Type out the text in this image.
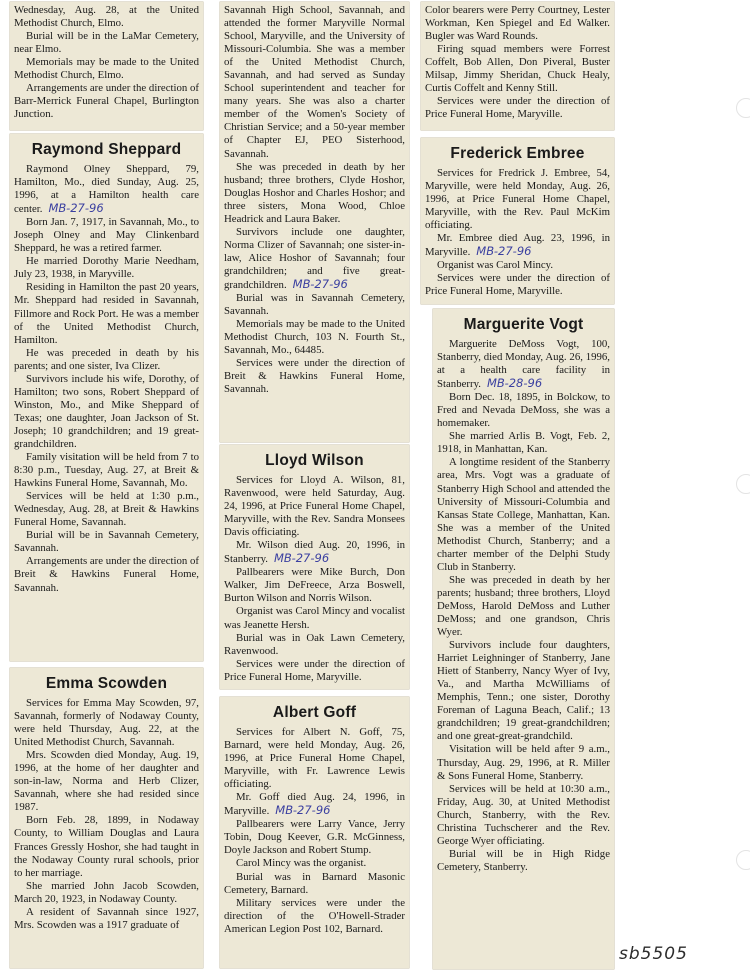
Wednesday, Aug. 28, at the United Methodist Church, Elmo.

Burial will be in the LaMar Cemetery, near Elmo.

Memorials may be made to the United Methodist Church, Elmo.

Arrangements are under the direction of Barr-Merrick Funeral Chapel, Burlington Junction.

Raymond Sheppard

Raymond Olney Sheppard, 79, Hamilton, Mo., died Sunday, Aug. 25, 1996, at a Hamilton health care center. MB-27-96

Born Jan. 7, 1917, in Savannah, Mo., to Joseph Olney and May Clinkenbard Sheppard, he was a retired farmer.

He married Dorothy Marie Needham, July 23, 1938, in Maryville.

Residing in Hamilton the past 20 years, Mr. Sheppard had resided in Savannah, Fillmore and Rock Port. He was a member of the United Methodist Church, Hamilton.

He was preceded in death by his parents; and one sister, Iva Clizer.

Survivors include his wife, Dorothy, of Hamilton; two sons, Robert Sheppard of Winston, Mo., and Mike Sheppard of Texas; one daughter, Joan Jackson of St. Joseph; 10 grandchildren; and 19 great-grandchildren.

Family visitation will be held from 7 to 8:30 p.m., Tuesday, Aug. 27, at Breit & Hawkins Funeral Home, Savannah, Mo.

Services will be held at 1:30 p.m., Wednesday, Aug. 28, at Breit & Hawkins Funeral Home, Savannah.

Burial will be in Savannah Cemetery, Savannah.

Arrangements are under the direction of Breit & Hawkins Funeral Home, Savannah.

Emma Scowden

Services for Emma May Scowden, 97, Savannah, formerly of Nodaway County, were held Thursday, Aug. 22, at the United Methodist Church, Savannah.

Mrs. Scowden died Monday, Aug. 19, 1996, at the home of her daughter and son-in-law, Norma and Herb Clizer, Savannah, where she had resided since 1987.

Born Feb. 28, 1899, in Nodaway County, to William Douglas and Laura Frances Gressly Hoshor, she had taught in the Nodaway County rural schools, prior to her marriage.

She married John Jacob Scowden, March 20, 1923, in Nodaway County.

A resident of Savannah since 1927, Mrs. Scowden was a 1917 graduate of

Savannah High School, Savannah, and attended the former Maryville Normal School, Maryville, and the University of Missouri-Columbia. She was a member of the United Methodist Church, Savannah, and had served as Sunday School superintendent and teacher for many years. She was also a charter member of the Women's Society of Christian Service; and a 50-year member of Chapter EJ, PEO Sisterhood, Savannah.

She was preceded in death by her husband; three brothers, Clyde Hoshor, Douglas Hoshor and Charles Hoshor; and three sisters, Mona Wood, Chloe Headrick and Laura Baker.

Survivors include one daughter, Norma Clizer of Savannah; one sister-in-law, Alice Hoshor of Savannah; four grandchildren; and five great-grandchildren. MB-27-96

Burial was in Savannah Cemetery, Savannah.

Memorials may be made to the United Methodist Church, 103 N. Fourth St., Savannah, Mo., 64485.

Services were under the direction of Breit & Hawkins Funeral Home, Savannah.

Lloyd Wilson

Services for Lloyd A. Wilson, 81, Ravenwood, were held Saturday, Aug. 24, 1996, at Price Funeral Home Chapel, Maryville, with the Rev. Sandra Monsees Davis officiating.

Mr. Wilson died Aug. 20, 1996, in Stanberry. MB-27-96

Pallbearers were Mike Burch, Don Walker, Jim DeFreece, Arza Boswell, Burton Wilson and Norris Wilson.

Organist was Carol Mincy and vocalist was Jeanette Hersh.

Burial was in Oak Lawn Cemetery, Ravenwood.

Services were under the direction of Price Funeral Home, Maryville.

Albert Goff

Services for Albert N. Goff, 75, Barnard, were held Monday, Aug. 26, 1996, at Price Funeral Home Chapel, Maryville, with Fr. Lawrence Lewis officiating.

Mr. Goff died Aug. 24, 1996, in Maryville. MB-27-96

Pallbearers were Larry Vance, Jerry Tobin, Doug Keever, G.R. McGinness, Doyle Jackson and Robert Stump.

Carol Mincy was the organist.

Burial was in Barnard Masonic Cemetery, Barnard.

Military services were under the direction of the O'Howell-Strader American Legion Post 102, Barnard.

Color bearers were Perry Courtney, Lester Workman, Ken Spiegel and Ed Walker. Bugler was Ward Rounds.

Firing squad members were Forrest Coffelt, Bob Allen, Don Piveral, Buster Milsap, Jimmy Sheridan, Chuck Healy, Curtis Coffelt and Kenny Still.

Services were under the direction of Price Funeral Home, Maryville.

Frederick Embree

Services for Fredrick J. Embree, 54, Maryville, were held Monday, Aug. 26, 1996, at Price Funeral Home Chapel, Maryville, with the Rev. Paul McKim officiating.

Mr. Embree died Aug. 23, 1996, in Maryville. MB-27-96

Organist was Carol Mincy.

Services were under the direction of Price Funeral Home, Maryville.

Marguerite Vogt

Marguerite DeMoss Vogt, 100, Stanberry, died Monday, Aug. 26, 1996, at a health care facility in Stanberry. MB-28-96

Born Dec. 18, 1895, in Bolckow, to Fred and Nevada DeMoss, she was a homemaker.

She married Arlis B. Vogt, Feb. 2, 1918, in Manhattan, Kan.

A longtime resident of the Stanberry area, Mrs. Vogt was a graduate of Stanberry High School and attended the University of Missouri-Columbia and Kansas State College, Manhattan, Kan. She was a member of the United Methodist Church, Stanberry; and a charter member of the Delphi Study Club in Stanberry.

She was preceded in death by her parents; husband; three brothers, Lloyd DeMoss, Harold DeMoss and Luther DeMoss; and one grandson, Chris Wyer.

Survivors include four daughters, Harriet Leighninger of Stanberry, Jane Hiett of Stanberry, Nancy Wyer of Ivy, Va., and Martha McWilliams of Memphis, Tenn.; one sister, Dorothy Foreman of Laguna Beach, Calif.; 13 grandchildren; 19 great-grandchildren; and one great-great-grandchild.

Visitation will be held after 9 a.m., Thursday, Aug. 29, 1996, at R. Miller & Sons Funeral Home, Stanberry.

Services will be held at 10:30 a.m., Friday, Aug. 30, at United Methodist Church, Stanberry, with the Rev. Christina Tuchscherer and the Rev. George Wyer officiating.

Burial will be in High Ridge Cemetery, Stanberry.

sb5505
